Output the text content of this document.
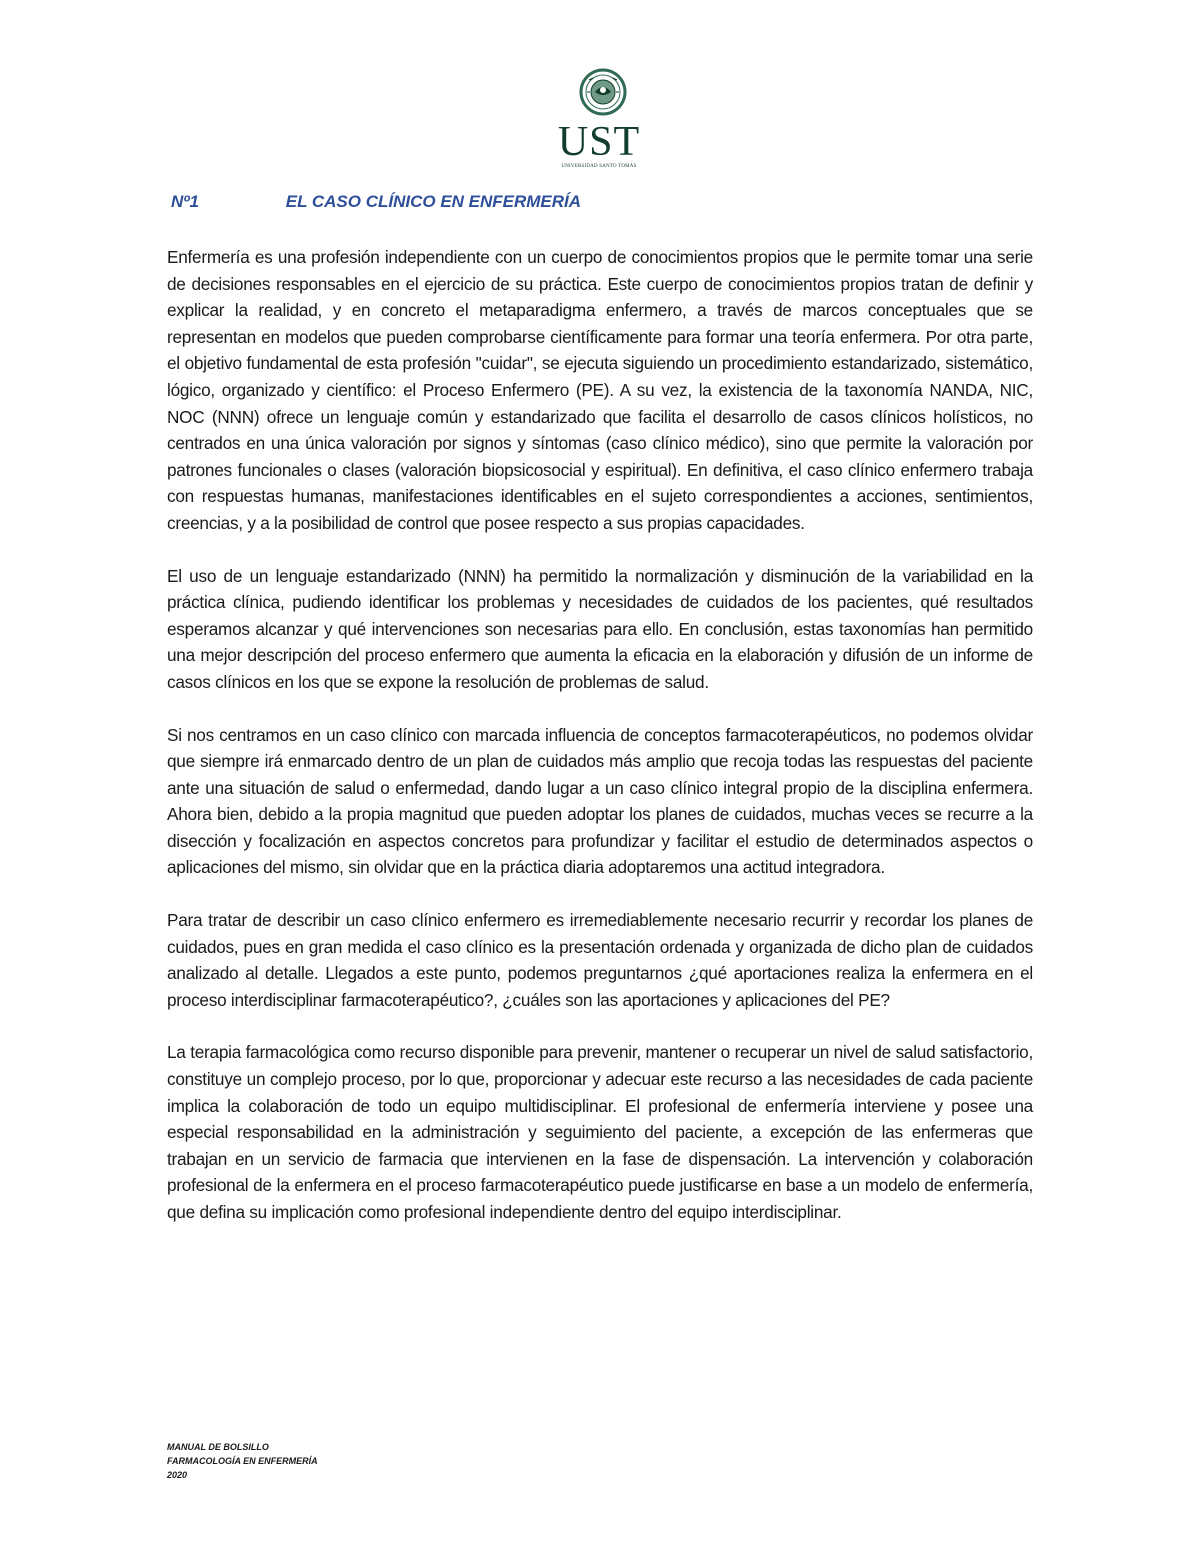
UST
UNIVERSIDAD SANTO TOMÁS
Nº1	EL CASO CLÍNICO EN ENFERMERÍA

Enfermería es una profesión independiente con un cuerpo de conocimientos propios que le permite tomar una serie de decisiones responsables en el ejercicio de su práctica. Este cuerpo de conocimientos propios tratan de definir y explicar la realidad, y en concreto el metaparadigma enfermero, a través de marcos conceptuales que se representan en modelos que pueden comprobarse científicamente para formar una teoría enfermera. Por otra parte, el objetivo fundamental de esta profesión "cuidar", se ejecuta siguiendo un procedimiento estandarizado, sistemático, lógico, organizado y científico: el Proceso Enfermero (PE). A su vez, la existencia de la taxonomía NANDA, NIC, NOC (NNN) ofrece un lenguaje común y estandarizado que facilita el desarrollo de casos clínicos holísticos, no centrados en una única valoración por signos y síntomas (caso clínico médico), sino que permite la valoración por patrones funcionales o clases (valoración biopsicosocial y espiritual). En definitiva, el caso clínico enfermero trabaja con respuestas humanas, manifestaciones identificables en el sujeto correspondientes a acciones, sentimientos, creencias, y a la posibilidad de control que posee respecto a sus propias capacidades.

El uso de un lenguaje estandarizado (NNN) ha permitido la normalización y disminución de la variabilidad en la práctica clínica, pudiendo identificar los problemas y necesidades de cuidados de los pacientes, qué resultados esperamos alcanzar y qué intervenciones son necesarias para ello. En conclusión, estas taxonomías han permitido una mejor descripción del proceso enfermero que aumenta la eficacia en la elaboración y difusión de un informe de casos clínicos en los que se expone la resolución de problemas de salud.

Si nos centramos en un caso clínico con marcada influencia de conceptos farmacoterapéuticos, no podemos olvidar que siempre irá enmarcado dentro de un plan de cuidados más amplio que recoja todas las respuestas del paciente ante una situación de salud o enfermedad, dando lugar a un caso clínico integral propio de la disciplina enfermera. Ahora bien, debido a la propia magnitud que pueden adoptar los planes de cuidados, muchas veces se recurre a la disección y focalización en aspectos concretos para profundizar y facilitar el estudio de determinados aspectos o aplicaciones del mismo, sin olvidar que en la práctica diaria adoptaremos una actitud integradora.

Para tratar de describir un caso clínico enfermero es irremediablemente necesario recurrir y recordar los planes de cuidados, pues en gran medida el caso clínico es la presentación ordenada y organizada de dicho plan de cuidados analizado al detalle. Llegados a este punto, podemos preguntarnos ¿qué aportaciones realiza la enfermera en el proceso interdisciplinar farmacoterapéutico?, ¿cuáles son las aportaciones y aplicaciones del PE?

La terapia farmacológica como recurso disponible para prevenir, mantener o recuperar un nivel de salud satisfactorio, constituye un complejo proceso, por lo que, proporcionar y adecuar este recurso a las necesidades de cada paciente implica la colaboración de todo un equipo multidisciplinar. El profesional de enfermería interviene y posee una especial responsabilidad en la administración y seguimiento del paciente, a excepción de las enfermeras que trabajan en un servicio de farmacia que intervienen en la fase de dispensación. La intervención y colaboración profesional de la enfermera en el proceso farmacoterapéutico puede justificarse en base a un modelo de enfermería, que defina su implicación como profesional independiente dentro del equipo interdisciplinar.

MANUAL DE BOLSILLO
FARMACOLOGÍA EN ENFERMERÍA
2020
